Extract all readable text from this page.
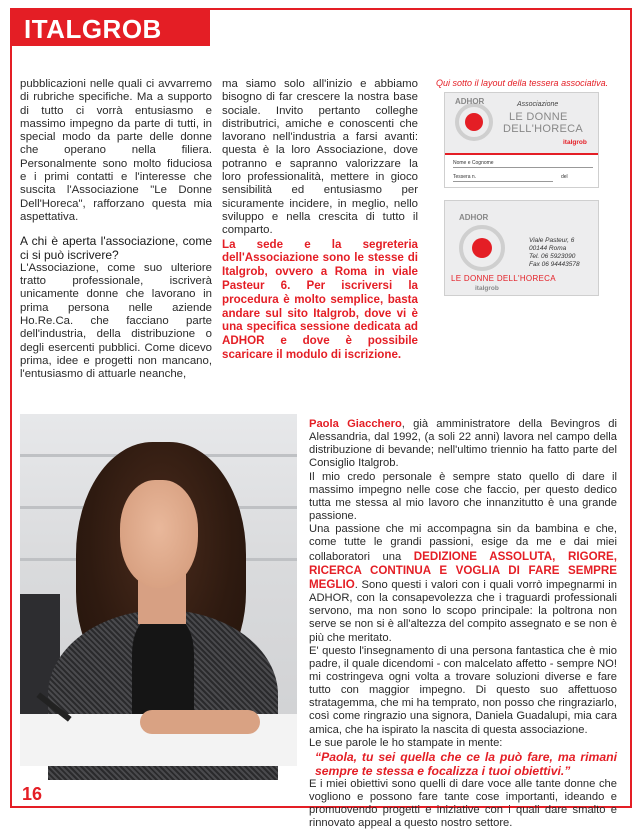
ITALGROB

pubblicazioni nelle quali ci avvarremo di rubriche specifiche. Ma a supporto di tutto ci vorrà entusiasmo e massimo impegno da parte di tutti, in special modo da parte delle donne che operano nella filiera. Personalmente sono molto fiduciosa e i primi contatti e l'interesse che suscita l'Associazione "Le Donne Dell'Horeca", rafforzano questa mia aspettativa.

A chi è aperta l'associazione, come ci si può iscrivere?

L'Associazione, come suo ulteriore tratto professionale, iscriverà unicamente donne che lavorano in prima persona nelle aziende Ho.Re.Ca. che facciano parte dell'industria, della distribuzione o degli esercenti pubblici. Come dicevo prima, idee e progetti non mancano, l'entusiasmo di attuarle neanche,

ma siamo solo all'inizio e abbiamo bisogno di far crescere la nostra base sociale. Invito pertanto colleghe distributrici, amiche e conoscenti che lavorano nell'industria a farsi avanti: questa è la loro Associazione, dove potranno e sapranno valorizzare la loro professionalità, mettere in gioco sensibilità ed entusiasmo per sicuramente incidere, in meglio, nello sviluppo e nella crescita di tutto il comparto.

La sede e la segreteria dell'Associazione sono le stesse di Italgrob, ovvero a Roma in viale Pasteur 6. Per iscriversi la procedura è molto semplice, basta andare sul sito Italgrob, dove vi è una specifica sessione dedicata ad ADHOR e dove è possibile scaricare il modulo di iscrizione.

Qui sotto il layout della tessera associativa.
ADHOR	Associazione
LE DONNE
DELL'HORECA
italgrob
Nome e Cognome
Tessera n.	del
ADHOR
LE DONNE DELL'HORECA
italgrob
Viale Pasteur, 6
00144 Roma
Tel. 06 5923090
Fax 06 94443578

Paola Giacchero, già amministratore della Bevingros di Alessandria, dal 1992, (a soli 22 anni) lavora nel campo della distribuzione di bevande; nell'ultimo triennio ha fatto parte del Consiglio Italgrob.

Il mio credo personale è sempre stato quello di dare il massimo impegno nelle cose che faccio, per questo dedico tutta me stessa al mio lavoro che innanzitutto è una grande passione.

Una passione che mi accompagna sin da bambina e che, come tutte le grandi passioni, esige da me e dai miei collaboratori una DEDIZIONE ASSOLUTA, RIGORE, RICERCA CONTINUA E VOGLIA DI FARE SEMPRE MEGLIO. Sono questi i valori con i quali vorrò impegnarmi in ADHOR, con la consapevolezza che i traguardi professionali servono, ma non sono lo scopo principale: la poltrona non serve se non si è all'altezza del compito assegnato e se non è più che meritato.

E' questo l'insegnamento di una persona fantastica che è mio padre, il quale dicendomi - con malcelato affetto - sempre NO! mi costringeva ogni volta a trovare soluzioni diverse e fare tutto con maggior impegno. Di questo suo affettuoso stratagemma, che mi ha temprato, non posso che ringraziarlo, così come ringrazio una signora, Daniela Guadalupi, mia cara amica, che ha ispirato la nascita di questa associazione.

Le sue parole le ho stampate in mente:

“Paola, tu sei quella che ce la può fare, ma rimani sempre te stessa e focalizza i tuoi obiettivi.”

E i miei obiettivi sono quelli di dare voce alle tante donne che vogliono e possono fare tante cose importanti, ideando e promuovendo progetti e iniziative con i quali dare smalto e rinnovato appeal a questo nostro settore.

16
